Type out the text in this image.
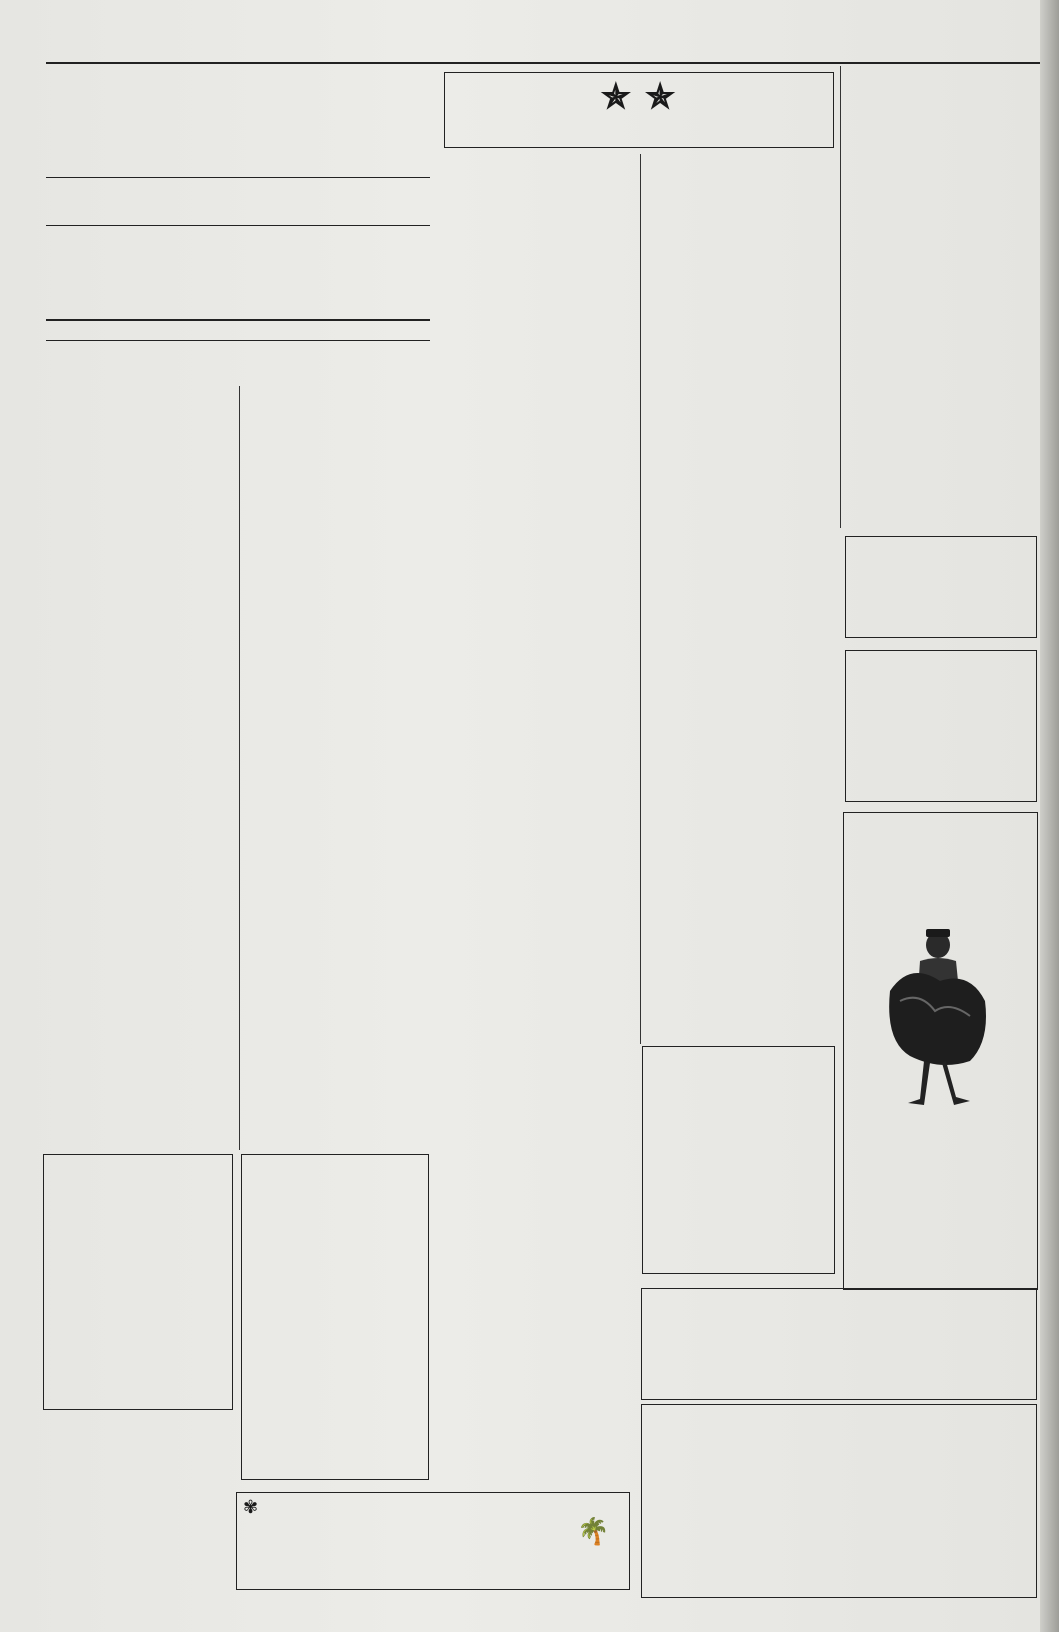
✾
🌴
✯ ✯
